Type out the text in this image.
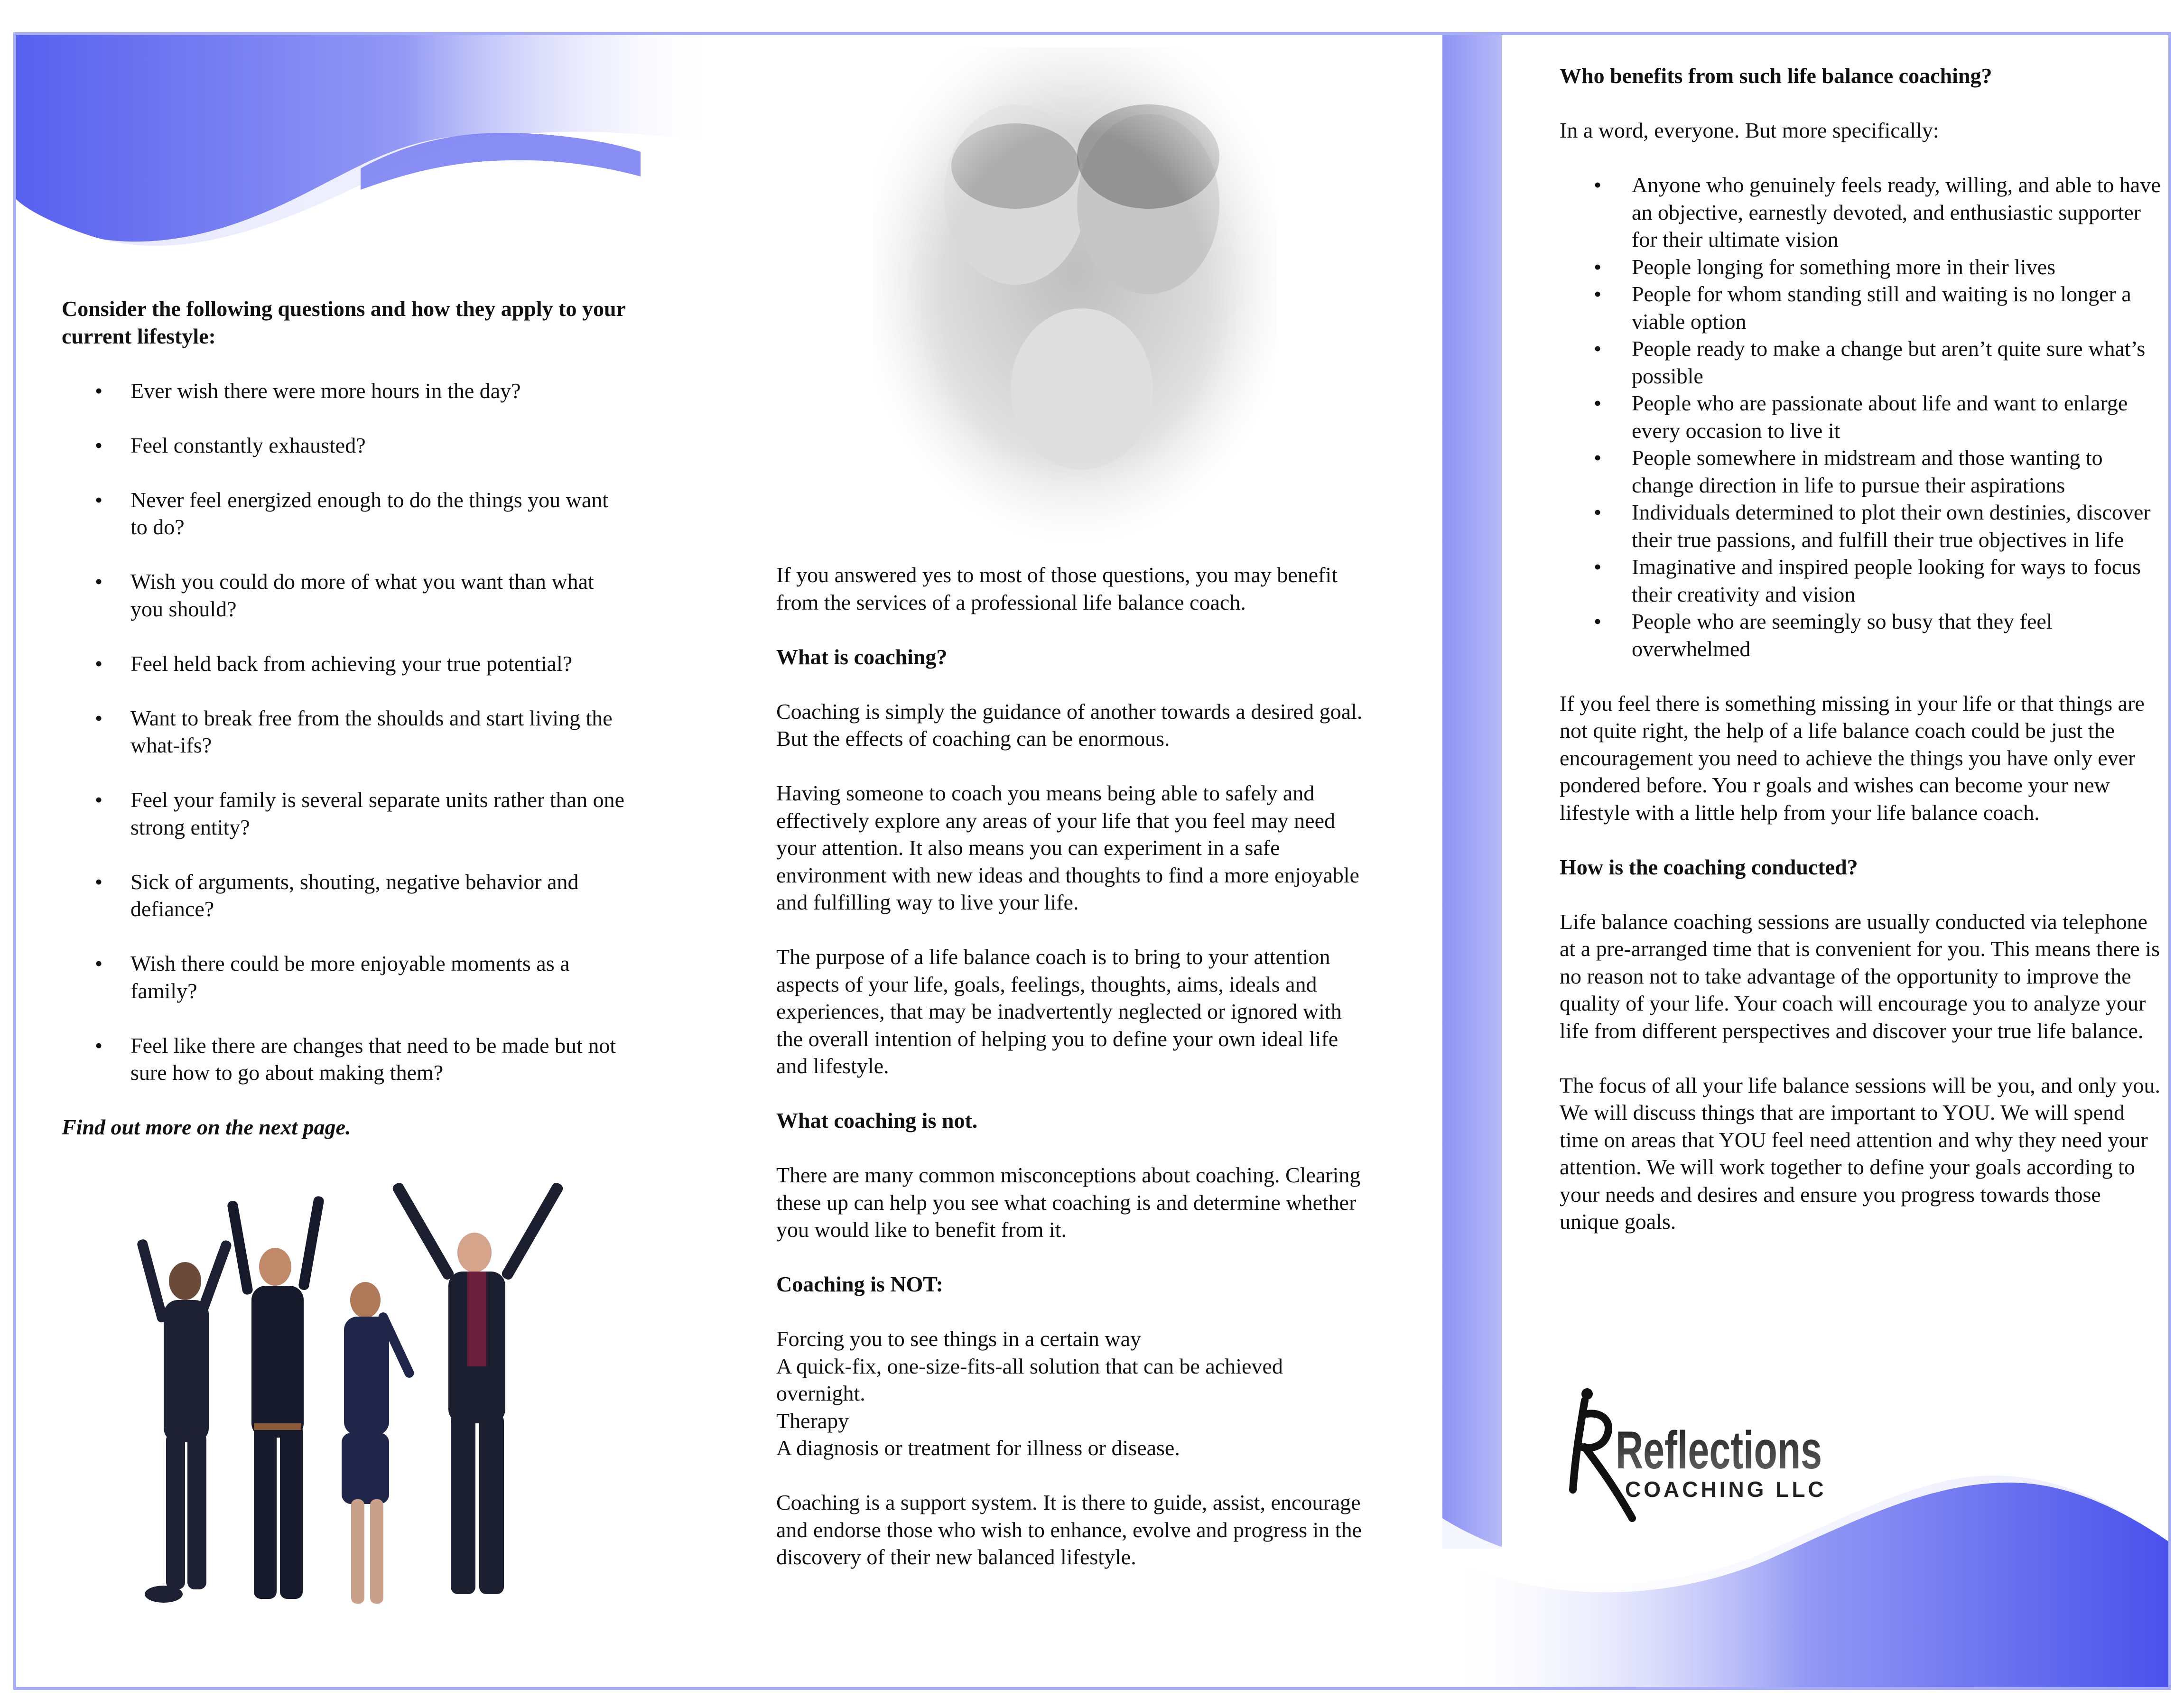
Consider the following questions and how they apply to your current lifestyle:

• Ever wish there were more hours in the day?
• Feel constantly exhausted?
• Never feel energized enough to do the things you want to do?
• Wish you could do more of what you want than what you should?
• Feel held back from achieving your true potential?
• Want to break free from the shoulds and start living the what-ifs?
• Feel your family is several separate units rather than one strong entity?
• Sick of arguments, shouting, negative behavior and defiance?
• Wish there could be more enjoyable moments as a family?
• Feel like there are changes that need to be made but not sure how to go about making them?

Find out more on the next page.

If you answered yes to most of those questions, you may benefit from the services of a professional life balance coach.

What is coaching?

Coaching is simply the guidance of another towards a desired goal. But the effects of coaching can be enormous.

Having someone to coach you means being able to safely and effectively explore any areas of your life that you feel may need your attention. It also means you can experiment in a safe environment with new ideas and thoughts to find a more enjoyable and fulfilling way to live your life.

The purpose of a life balance coach is to bring to your attention aspects of your life, goals, feelings, thoughts, aims, ideals and experiences, that may be inadvertently neglected or ignored with the overall intention of helping you to define your own ideal life and lifestyle.

What coaching is not.

There are many common misconceptions about coaching. Clearing these up can help you see what coaching is and determine whether you would like to benefit from it.

Coaching is NOT:

Forcing you to see things in a certain way

A quick-fix, one-size-fits-all solution that can be achieved overnight.

Therapy

A diagnosis or treatment for illness or disease.

Coaching is a support system. It is there to guide, assist, encourage and endorse those who wish to enhance, evolve and progress in the discovery of their new balanced lifestyle.

Who benefits from such life balance coaching?

In a word, everyone. But more specifically:

• Anyone who genuinely feels ready, willing, and able to have an objective, earnestly devoted, and enthusiastic supporter for their ultimate vision
• People longing for something more in their lives
• People for whom standing still and waiting is no longer a viable option
• People ready to make a change but aren’t quite sure what’s possible
• People who are passionate about life and want to enlarge every occasion to live it
• People somewhere in midstream and those wanting to change direction in life to pursue their aspirations
• Individuals determined to plot their own destinies, discover their true passions, and fulfill their true objectives in life
• Imaginative and inspired people looking for ways to focus their creativity and vision
• People who are seemingly so busy that they feel overwhelmed

If you feel there is something missing in your life or that things are not quite right, the help of a life balance coach could be just the encouragement you need to achieve the things you have only ever pondered before. You r goals and wishes can become your new lifestyle with a little help from your life balance coach.

How is the coaching conducted?

Life balance coaching sessions are usually conducted via telephone at a pre-arranged time that is convenient for you. This means there is no reason not to take advantage of the opportunity to improve the quality of your life. Your coach will encourage you to analyze your life from different perspectives and discover your true life balance.

The focus of all your life balance sessions will be you, and only you. We will discuss things that are important to YOU. We will spend time on areas that YOU feel need attention and why they need your attention. We will work together to define your goals according to your needs and desires and ensure you progress towards those unique goals.

Reflections
COACHING LLC
